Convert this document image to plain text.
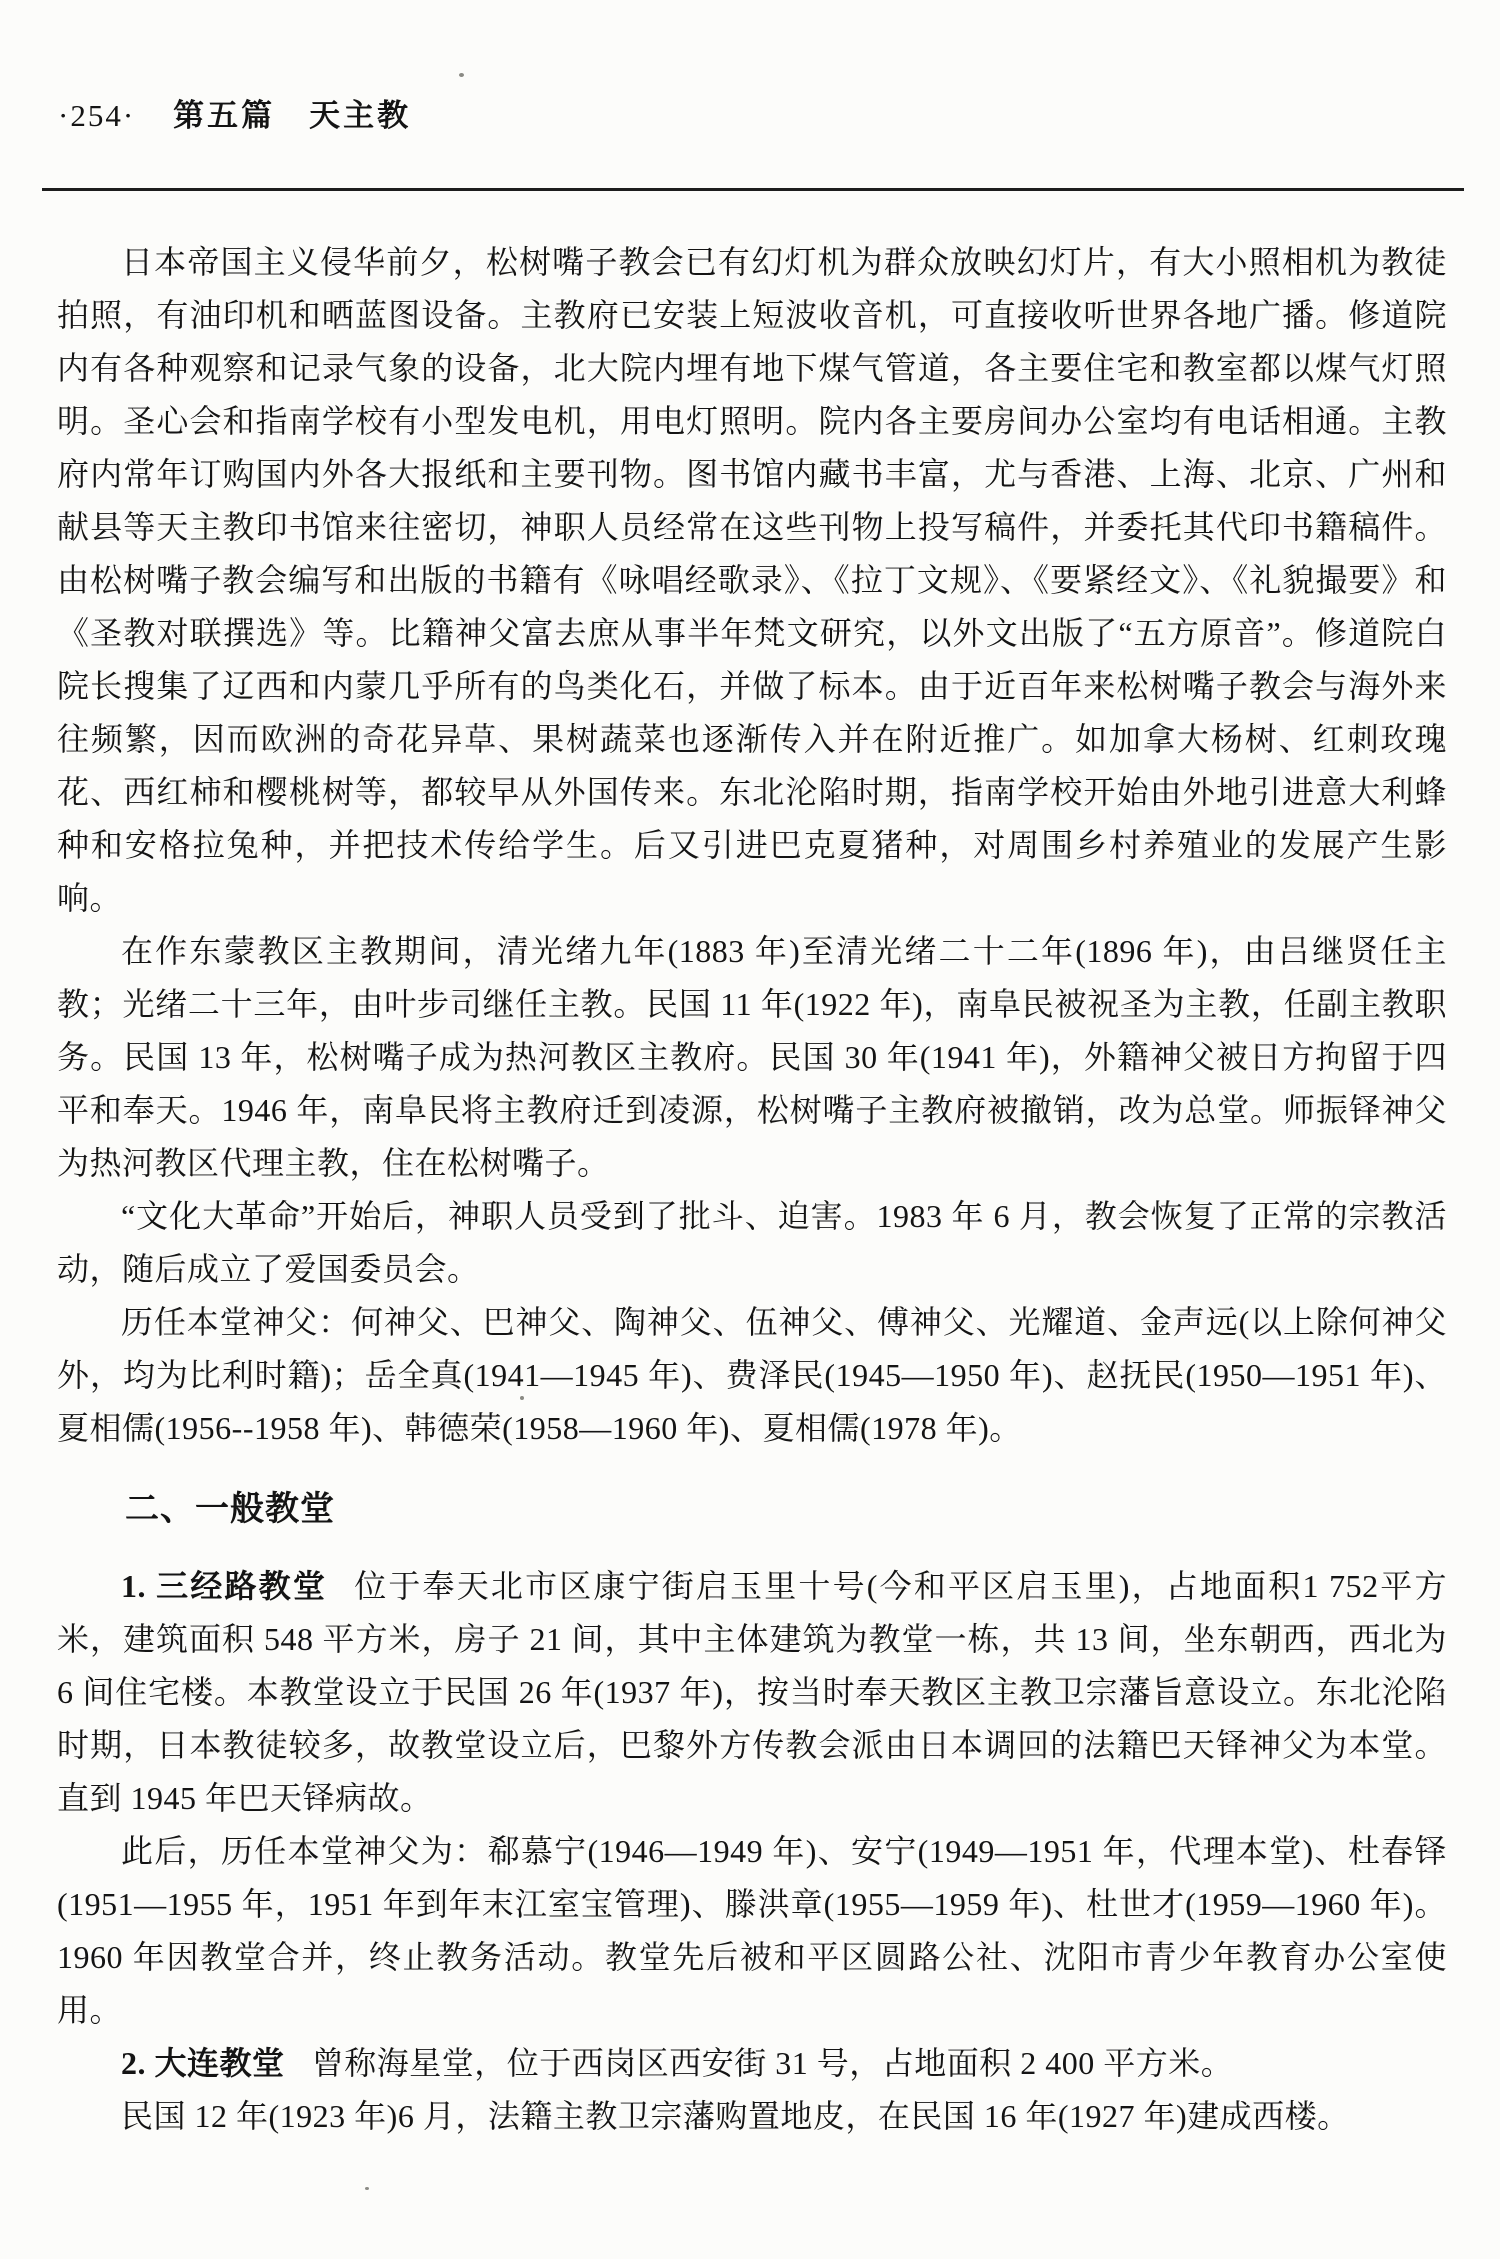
·254· 第五篇　天主教

日本帝国主义侵华前夕，松树嘴子教会已有幻灯机为群众放映幻灯片，有大小照相机为教徒拍照，有油印机和晒蓝图设备。主教府已安装上短波收音机，可直接收听世界各地广播。修道院内有各种观察和记录气象的设备，北大院内埋有地下煤气管道，各主要住宅和教室都以煤气灯照明。圣心会和指南学校有小型发电机，用电灯照明。院内各主要房间办公室均有电话相通。主教府内常年订购国内外各大报纸和主要刊物。图书馆内藏书丰富，尤与香港、上海、北京、广州和献县等天主教印书馆来往密切，神职人员经常在这些刊物上投写稿件，并委托其代印书籍稿件。由松树嘴子教会编写和出版的书籍有《咏唱经歌录》、《拉丁文规》、《要紧经文》、《礼貌撮要》和《圣教对联撰选》等。比籍神父富去庶从事半年梵文研究，以外文出版了“五方原音”。修道院白院长搜集了辽西和内蒙几乎所有的鸟类化石，并做了标本。由于近百年来松树嘴子教会与海外来往频繁，因而欧洲的奇花异草、果树蔬菜也逐渐传入并在附近推广。如加拿大杨树、红刺玫瑰花、西红柿和樱桃树等，都较早从外国传来。东北沦陷时期，指南学校开始由外地引进意大利蜂种和安格拉兔种，并把技术传给学生。后又引进巴克夏猪种，对周围乡村养殖业的发展产生影响。

在作东蒙教区主教期间，清光绪九年(1883 年)至清光绪二十二年(1896 年)，由吕继贤任主教；光绪二十三年，由叶步司继任主教。民国 11 年(1922 年)，南阜民被祝圣为主教，任副主教职务。民国 13 年，松树嘴子成为热河教区主教府。民国 30 年(1941 年)，外籍神父被日方拘留于四平和奉天。1946 年，南阜民将主教府迁到凌源，松树嘴子主教府被撤销，改为总堂。师振铎神父为热河教区代理主教，住在松树嘴子。

“文化大革命”开始后，神职人员受到了批斗、迫害。1983 年 6 月，教会恢复了正常的宗教活动，随后成立了爱国委员会。

历任本堂神父：何神父、巴神父、陶神父、伍神父、傅神父、光耀道、金声远(以上除何神父外，均为比利时籍)；岳全真(1941—1945 年)、费泽民(1945—1950 年)、赵抚民(1950—1951 年)、夏相儒(1956--1958 年)、韩德荣(1958—1960 年)、夏相儒(1978 年)。

二、一般教堂

1. 三经路教堂 位于奉天北市区康宁街启玉里十号(今和平区启玉里)，占地面积1 752平方米，建筑面积 548 平方米，房子 21 间，其中主体建筑为教堂一栋，共 13 间，坐东朝西，西北为 6 间住宅楼。本教堂设立于民国 26 年(1937 年)，按当时奉天教区主教卫宗藩旨意设立。东北沦陷时期，日本教徒较多，故教堂设立后，巴黎外方传教会派由日本调回的法籍巴天铎神父为本堂。直到 1945 年巴天铎病故。

此后，历任本堂神父为：郗慕宁(1946—1949 年)、安宁(1949—1951 年，代理本堂)、杜春铎(1951—1955 年，1951 年到年末江室宝管理)、滕洪章(1955—1959 年)、杜世才(1959—1960 年)。1960 年因教堂合并，终止教务活动。教堂先后被和平区圆路公社、沈阳市青少年教育办公室使用。

2. 大连教堂 曾称海星堂，位于西岗区西安街 31 号，占地面积 2 400 平方米。

民国 12 年(1923 年)6 月，法籍主教卫宗藩购置地皮，在民国 16 年(1927 年)建成西楼。
